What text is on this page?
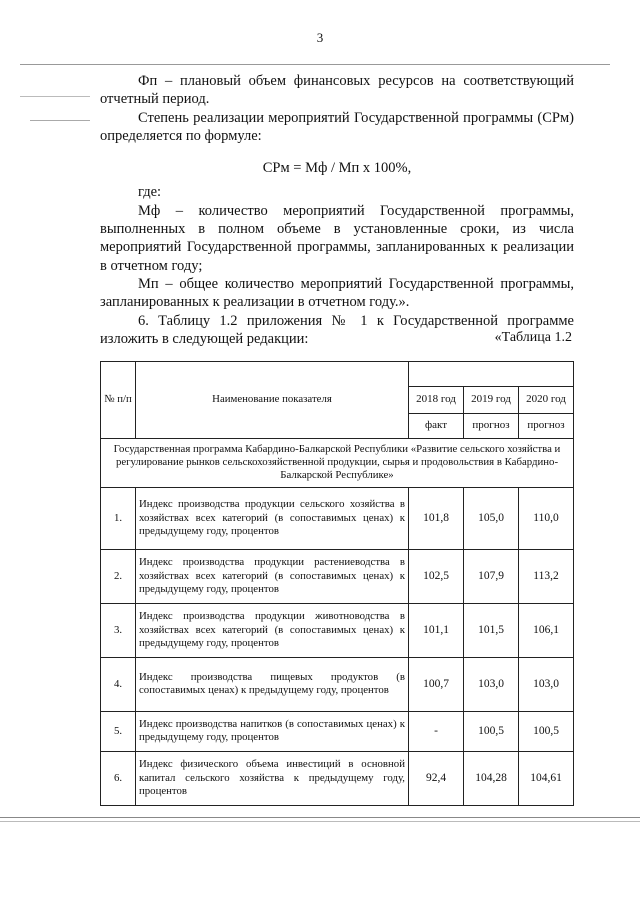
3

Фп – плановый объем финансовых ресурсов на соответствующий отчетный период.

Степень реализации мероприятий Государственной программы (СРм) определяется по формуле:

СРм = Мф / Мп х 100%,

где:

Мф – количество мероприятий Государственной программы, выполненных в полном объеме в установленные сроки, из числа мероприятий Государственной программы, запланированных к реализации в отчетном году;

Мп – общее количество мероприятий Государственной программы, запланированных к реализации в отчетном году.».

6. Таблицу 1.2 приложения № 1 к Государственной программе изложить в следующей редакции:	«Таблица 1.2
№ п/п	Наименование показателя			
		2018 год	2019 год	2020 год
		факт	прогноз	прогноз
Государственная программа Кабардино-Балкарской Республики «Развитие сельского хозяйства и регулирование рынков сельскохозяйственной продукции, сырья и продовольствия в Кабардино-Балкарской Республике»				
1.	Индекс производства продукции сельского хозяйства в хозяйствах всех категорий (в сопоставимых ценах) к предыдущему году, процентов	101,8	105,0	110,0
2.	Индекс производства продукции растениеводства в хозяйствах всех категорий (в сопоставимых ценах) к предыдущему году, процентов	102,5	107,9	113,2
3.	Индекс производства продукции животноводства в хозяйствах всех категорий (в сопоставимых ценах) к предыдущему году, процентов	101,1	101,5	106,1
4.	Индекс производства пищевых продуктов (в сопоставимых ценах) к предыдущему году, процентов	100,7	103,0	103,0
5.	Индекс производства напитков (в сопоставимых ценах) к предыдущему году, процентов	-	100,5	100,5
6.	Индекс физического объема инвестиций в основной капитал сельского хозяйства к предыдущему году, процентов	92,4	104,28	104,61
